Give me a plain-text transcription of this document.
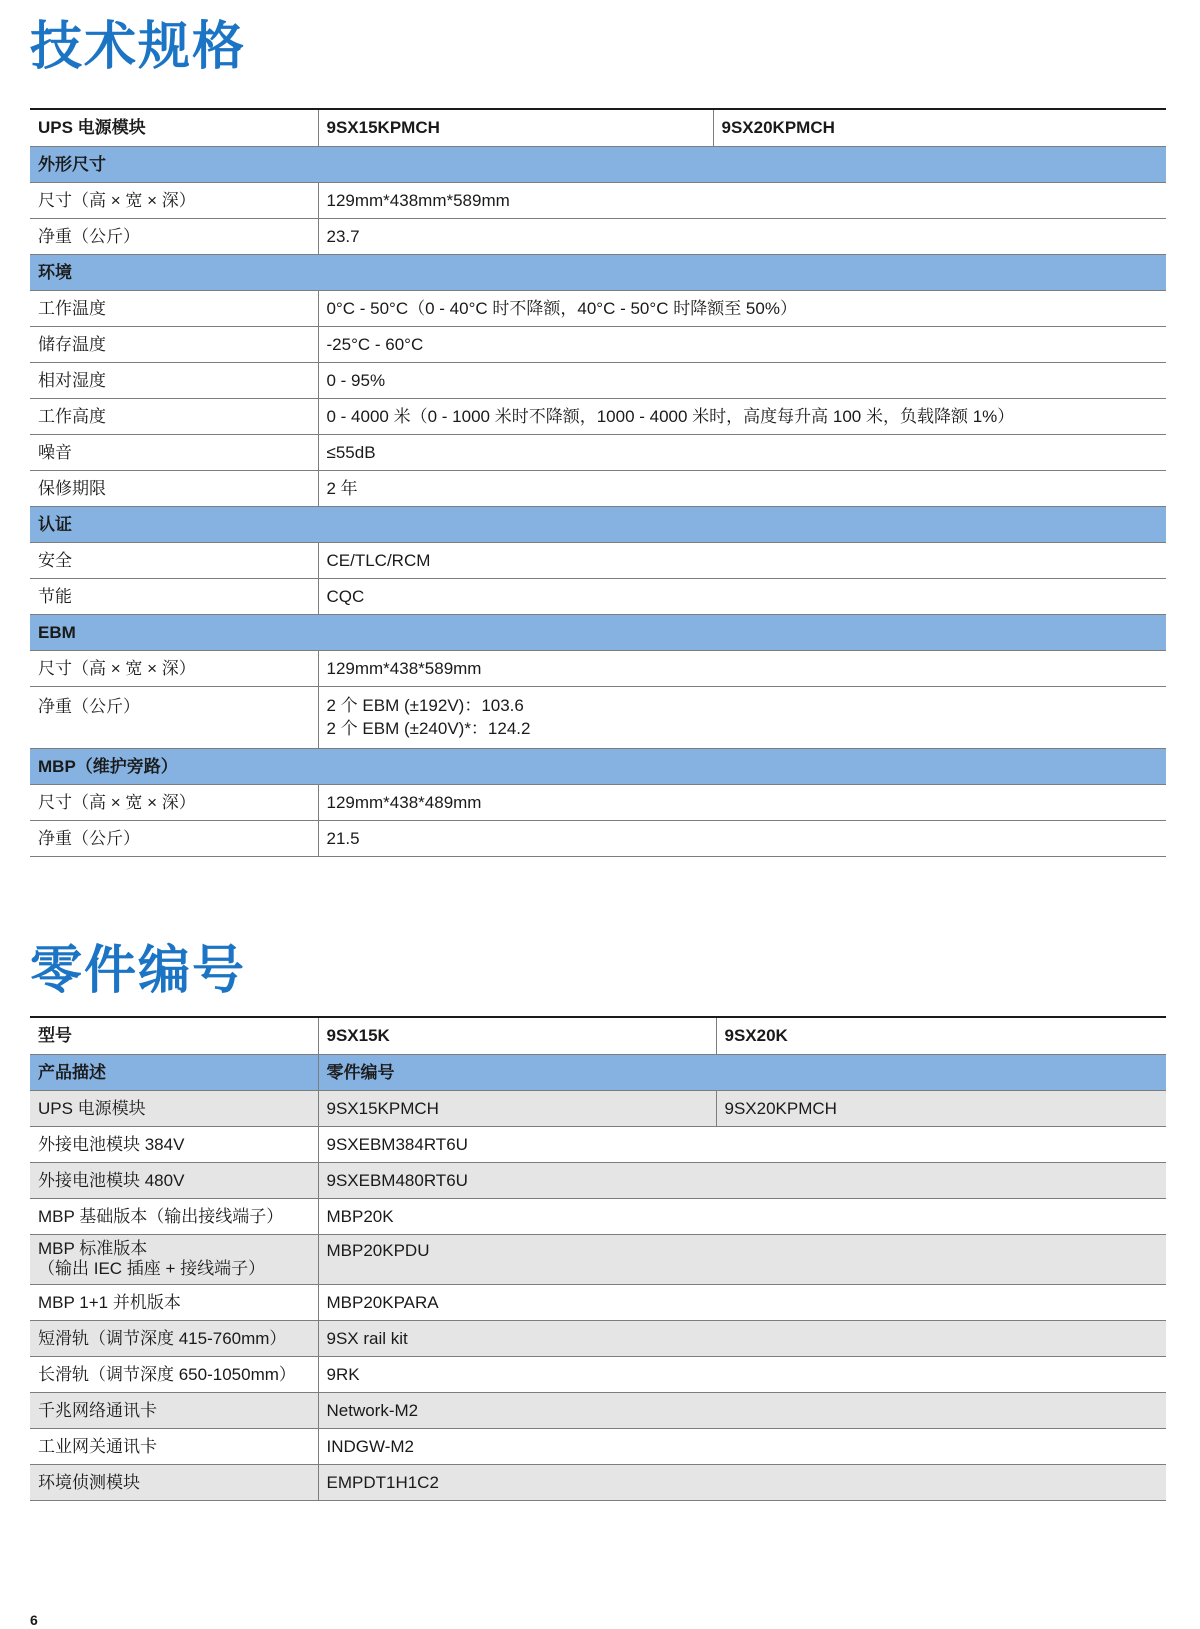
技术规格
UPS 电源模块	9SX15KPMCH	9SX20KPMCH
外形尺寸		
尺寸（高 × 宽 × 深）	129mm*438mm*589mm	
净重（公斤）	23.7	
环境		
工作温度	0°C - 50°C（0 - 40°C 时不降额，40°C - 50°C 时降额至 50%）	
储存温度	-25°C - 60°C	
相对湿度	0 - 95%	
工作高度	0 - 4000 米（0 - 1000 米时不降额，1000 - 4000 米时，高度每升高 100 米，负载降额 1%）	
噪音	≤55dB	
保修期限	2 年	
认证		
安全	CE/TLC/RCM	
节能	CQC	
EBM		
尺寸（高 × 宽 × 深）	129mm*438*589mm	
净重（公斤）	2 个 EBM (±192V)：103.6
2 个 EBM (±240V)*：124.2	

MBP（维护旁路）		
尺寸（高 × 宽 × 深）	129mm*438*489mm	
净重（公斤）	21.5	
零件编号
型号	9SX15K	9SX20K
产品描述	零件编号	
UPS 电源模块	9SX15KPMCH	9SX20KPMCH
外接电池模块 384V	9SXEBM384RT6U	
外接电池模块 480V	9SXEBM480RT6U	
MBP 基础版本（输出接线端子）	MBP20K	

MBP 标准版本
（输出 IEC 插座 + 接线端子）	MBP20KPDU	
MBP 1+1 并机版本	MBP20KPARA	
短滑轨（调节深度 415-760mm）	9SX rail kit	
长滑轨（调节深度 650-1050mm）	9RK	
千兆网络通讯卡	Network-M2	
工业网关通讯卡	INDGW-M2	
环境侦测模块	EMPDT1H1C2	
6
